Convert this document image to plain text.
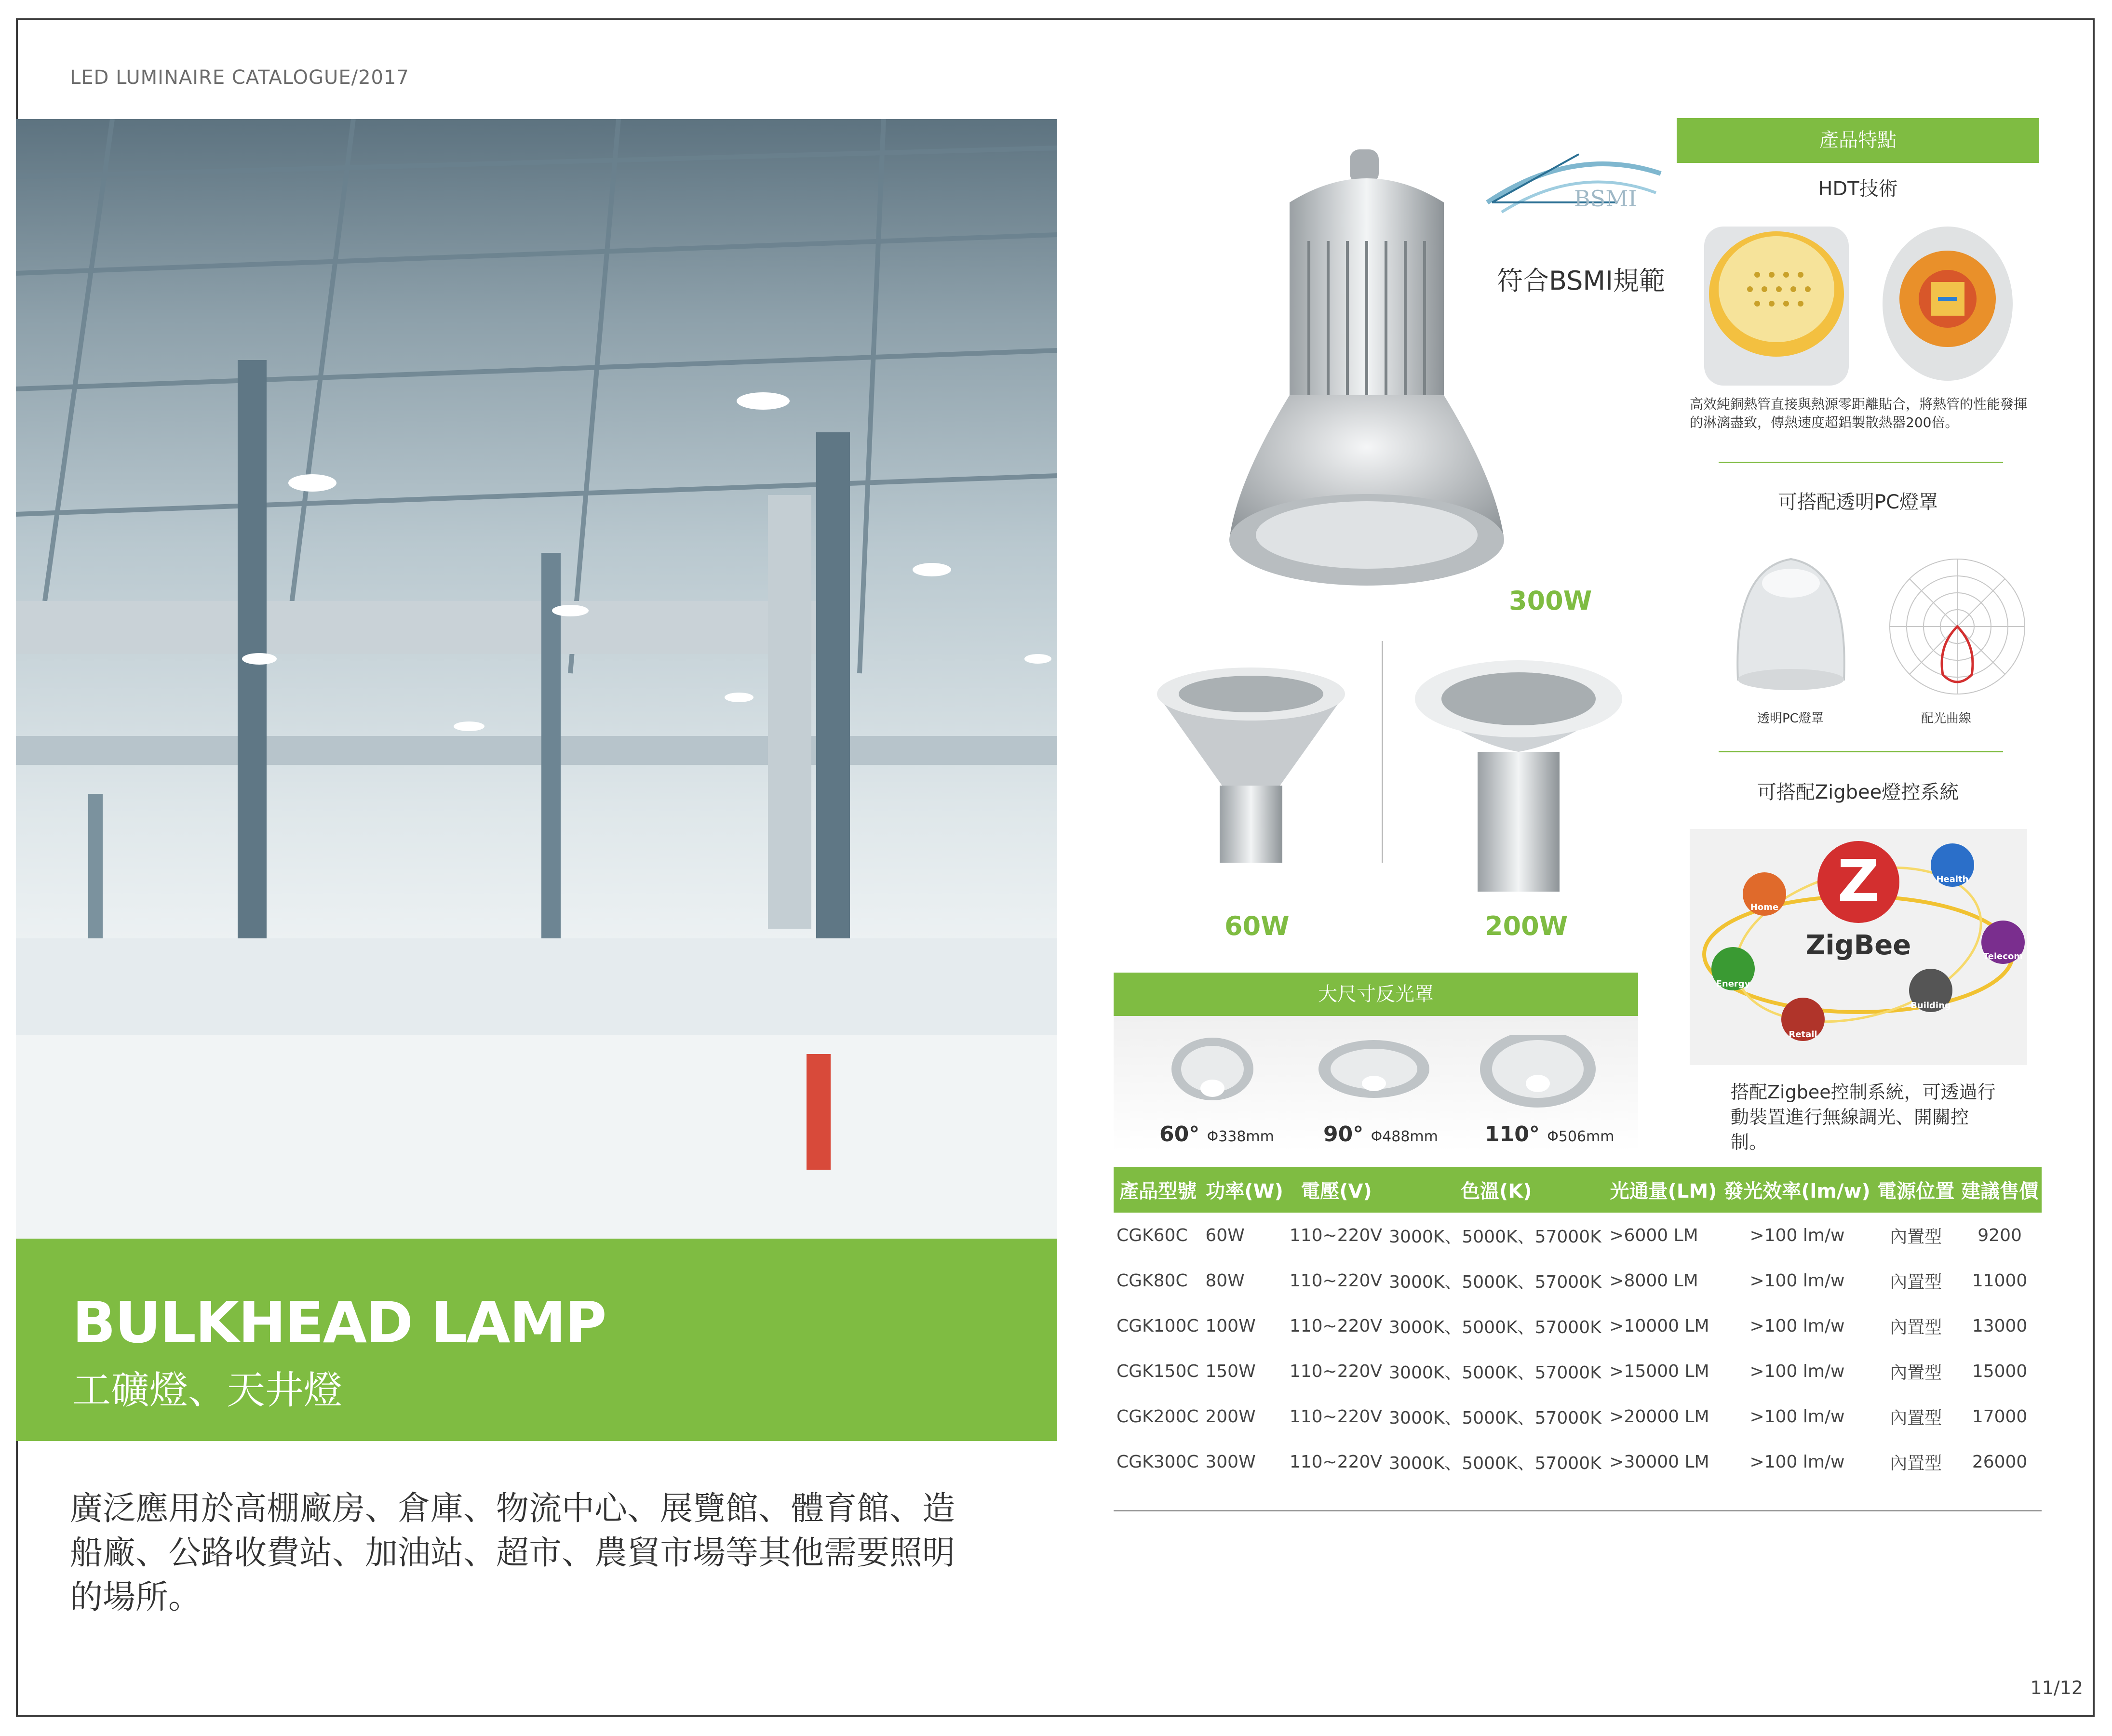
LED LUMINAIRE CATALOGUE/2017
BULKHEAD LAMP
工礦燈、天井燈
廣泛應用於高棚廠房、倉庫、物流中心、展覽館、體育館、造船廠、公路收費站、加油站、超市、農貿市場等其他需要照明的場所。
BSMI
符合BSMI規範
300W
60W	200W
大尺寸反光罩
60° Φ338mm 90° Φ488mm 110° Φ506mm
產品特點
HDT技術
高效純銅熱管直接與熱源零距離貼合，將熱管的性能發揮的淋漓盡致，傳熱速度超鋁製散熱器200倍。
可搭配透明PC燈罩
透明PC燈罩	配光曲線
可搭配Zigbee燈控系統
Z
ZigBee
Home
Health
Telecom
Building
Retail
Energy
搭配Zigbee控制系統，可透過行動裝置進行無線調光、開關控制。
產品型號	功率(W)	電壓(V)	色溫(K)	光通量(LM)	發光效率(lm/w)	電源位置	建議售價
CGK60C	60W	110~220V	3000K、5000K、57000K	>6000 LM	>100 lm/w	內置型	9200
CGK80C	80W	110~220V	3000K、5000K、57000K	>8000 LM	>100 lm/w	內置型	11000
CGK100C	100W	110~220V	3000K、5000K、57000K	>10000 LM	>100 lm/w	內置型	13000
CGK150C	150W	110~220V	3000K、5000K、57000K	>15000 LM	>100 lm/w	內置型	15000
CGK200C	200W	110~220V	3000K、5000K、57000K	>20000 LM	>100 lm/w	內置型	17000
CGK300C	300W	110~220V	3000K、5000K、57000K	>30000 LM	>100 lm/w	內置型	26000
11/12
